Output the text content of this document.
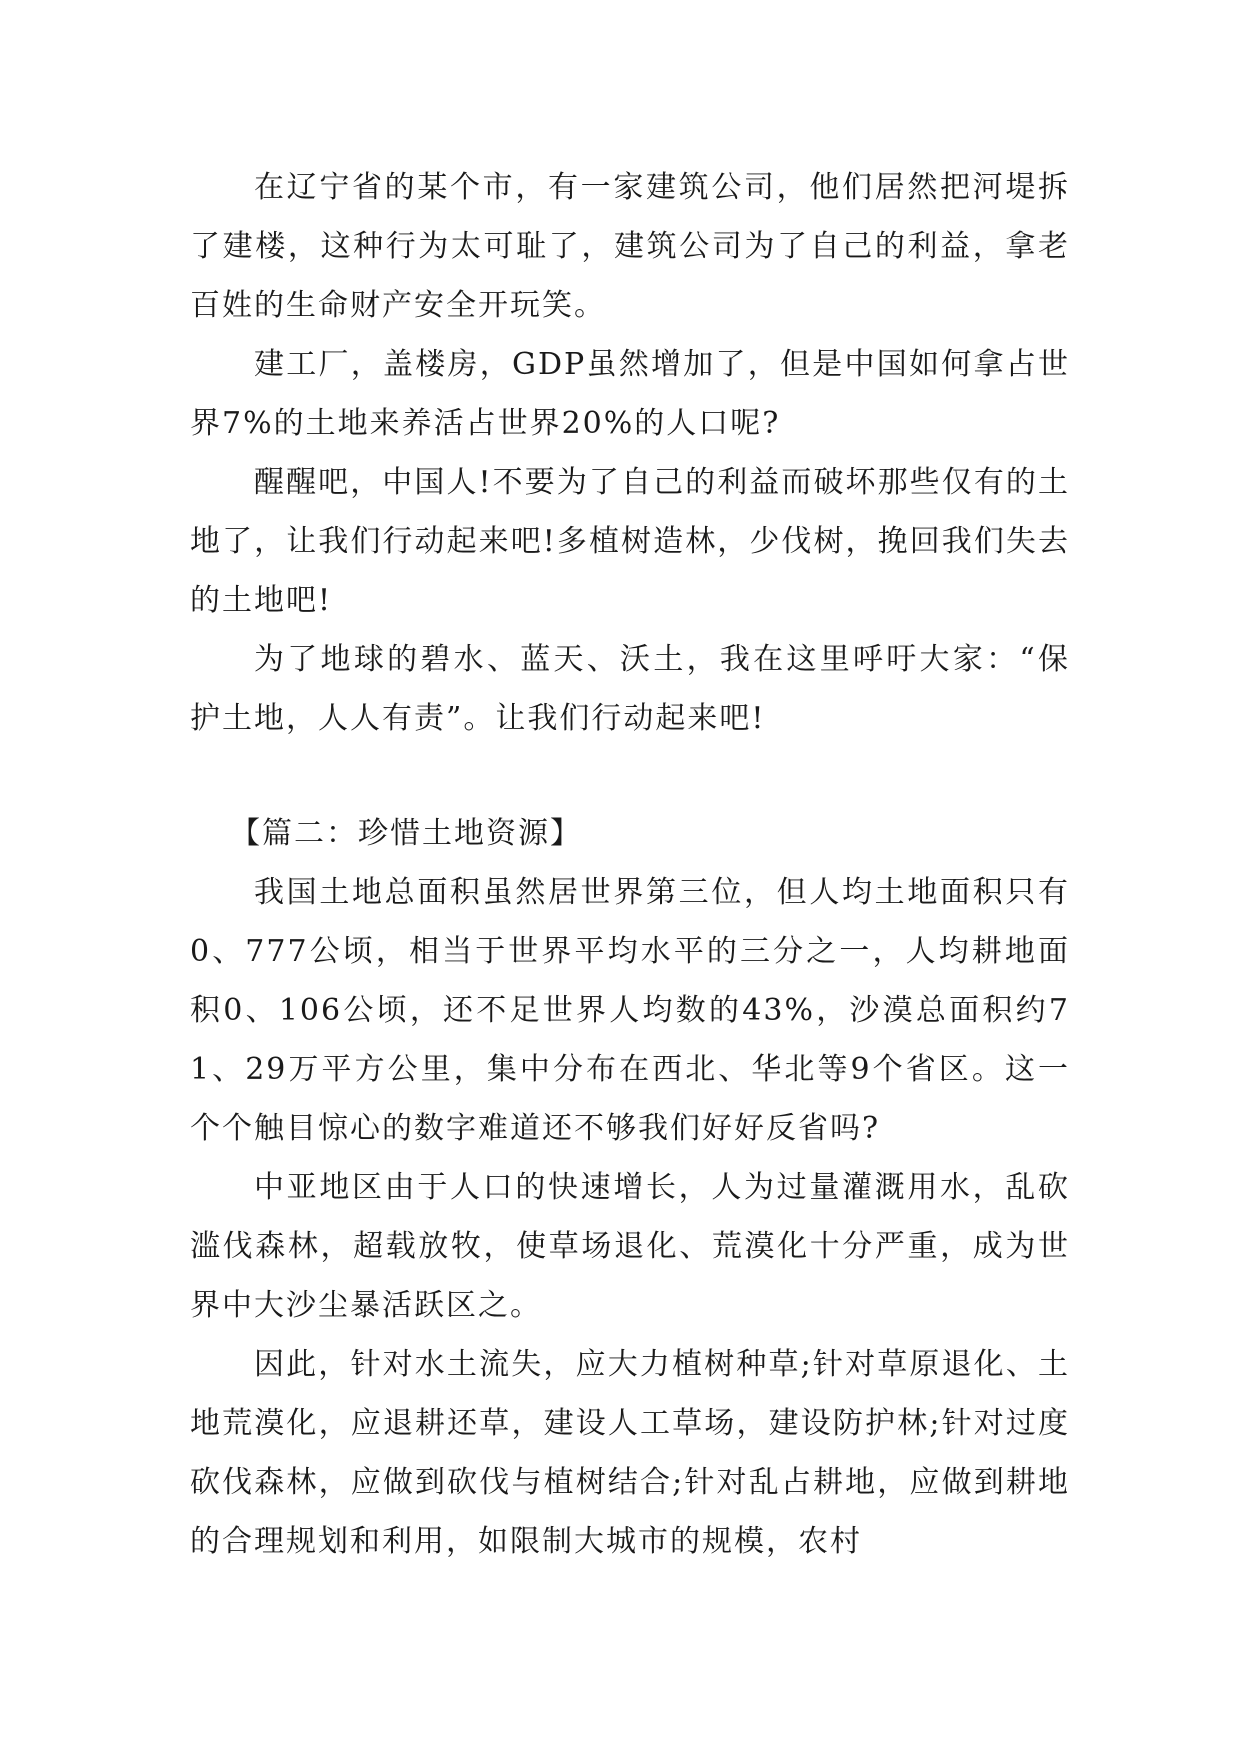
在辽宁省的某个市，有一家建筑公司，他们居然把河堤拆了建楼，这种行为太可耻了，建筑公司为了自己的利益，拿老百姓的生命财产安全开玩笑。

建工厂，盖楼房，GDP虽然增加了，但是中国如何拿占世界7%的土地来养活占世界20%的人口呢?

醒醒吧，中国人!不要为了自己的利益而破坏那些仅有的土地了，让我们行动起来吧!多植树造林，少伐树，挽回我们失去的土地吧!

为了地球的碧水、蓝天、沃土，我在这里呼吁大家：“保护土地，人人有责”。让我们行动起来吧!

【篇二：珍惜土地资源】

我国土地总面积虽然居世界第三位，但人均土地面积只有0、777公顷，相当于世界平均水平的三分之一，人均耕地面积0、106公顷，还不足世界人均数的43%，沙漠总面积约71、29万平方公里，集中分布在西北、华北等9个省区。这一个个触目惊心的数字难道还不够我们好好反省吗?

中亚地区由于人口的快速增长，人为过量灌溉用水，乱砍滥伐森林，超载放牧，使草场退化、荒漠化十分严重，成为世界中大沙尘暴活跃区之。

因此，针对水土流失，应大力植树种草;针对草原退化、土地荒漠化，应退耕还草，建设人工草场，建设防护林;针对过度砍伐森林，应做到砍伐与植树结合;针对乱占耕地，应做到耕地的合理规划和利用，如限制大城市的规模，农村
